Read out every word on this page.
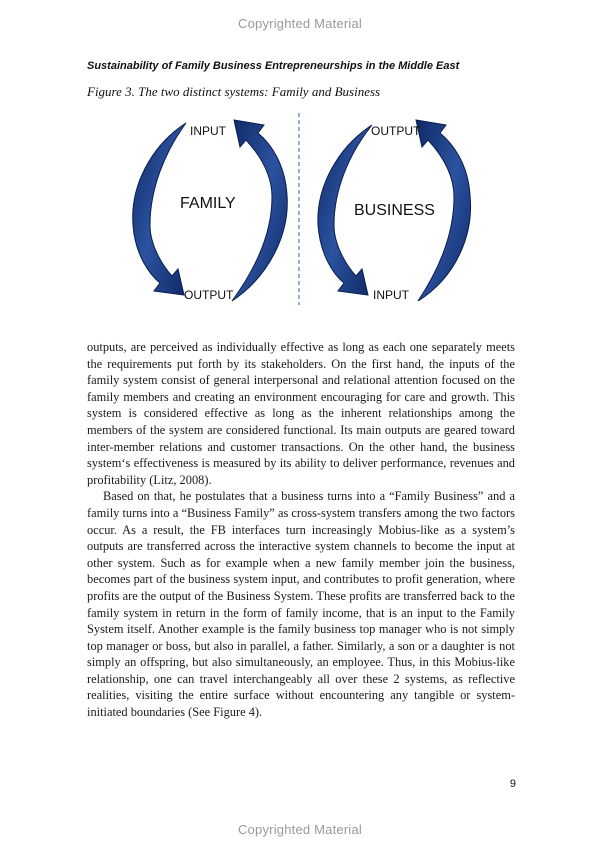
Copyrighted Material
Sustainability of Family Business Entrepreneurships in the Middle East
Figure 3. The two distinct systems: Family and Business
INPUT
FAMILY
OUTPUT
OUTPUT
BUSINESS
INPUT

outputs, are perceived as individually effective as long as each one separately meets the requirements put forth by its stakeholders. On the first hand, the inputs of the family system consist of general interpersonal and relational attention focused on the family members and creating an environment encouraging for care and growth. This system is considered effective as long as the inherent relationships among the members of the system are considered functional. Its main outputs are geared toward inter-member relations and customer transactions. On the other hand, the business system‘s effectiveness is measured by its ability to deliver performance, revenues and profitability (Litz, 2008).

Based on that, he postulates that a business turns into a “Family Business” and a family turns into a “Business Family” as cross-system transfers among the two factors occur. As a result, the FB interfaces turn increasingly Mobius-like as a system’s outputs are transferred across the interactive system channels to become the input at other system. Such as for example when a new family member join the business, becomes part of the business system input, and contributes to profit generation, where profits are the output of the Business System. These profits are transferred back to the family system in return in the form of family income, that is an input to the Family System itself. Another example is the family business top manager who is not simply top manager or boss, but also in parallel, a father. Similarly, a son or a daughter is not simply an offspring, but also simultaneously, an employee. Thus, in this Mobius-like relationship, one can travel interchangeably all over these 2 systems, as reflective realities, visiting the entire surface without encountering any tangible or system-initiated boundaries (See Figure 4).

9
Copyrighted Material
